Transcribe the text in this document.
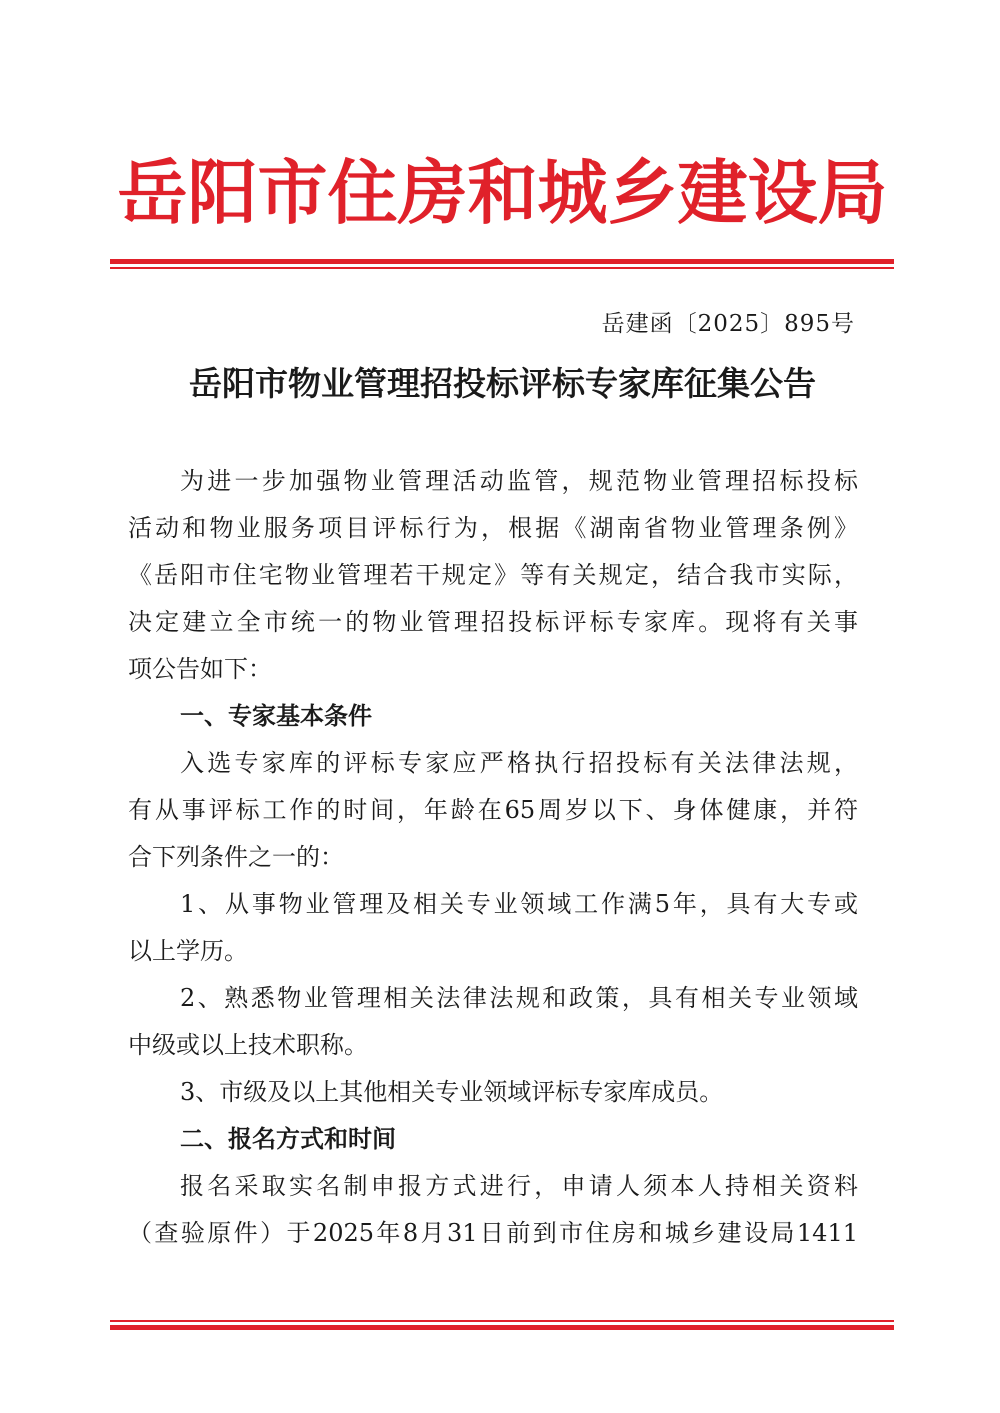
岳阳市住房和城乡建设局
岳建函〔2025〕895号
岳阳市物业管理招投标评标专家库征集公告
为进一步加强物业管理活动监管，规范物业管理招标投标
活动和物业服务项目评标行为，根据《湖南省物业管理条例》
《岳阳市住宅物业管理若干规定》等有关规定，结合我市实际，
决定建立全市统一的物业管理招投标评标专家库。现将有关事
项公告如下：
一、专家基本条件
入选专家库的评标专家应严格执行招投标有关法律法规，
有从事评标工作的时间，年龄在65周岁以下、身体健康，并符
合下列条件之一的：
1、从事物业管理及相关专业领域工作满5年，具有大专或
以上学历。
2、熟悉物业管理相关法律法规和政策，具有相关专业领域
中级或以上技术职称。
3、市级及以上其他相关专业领域评标专家库成员。
二、报名方式和时间
报名采取实名制申报方式进行，申请人须本人持相关资料
（查验原件）于2025年8月31日前到市住房和城乡建设局1411
